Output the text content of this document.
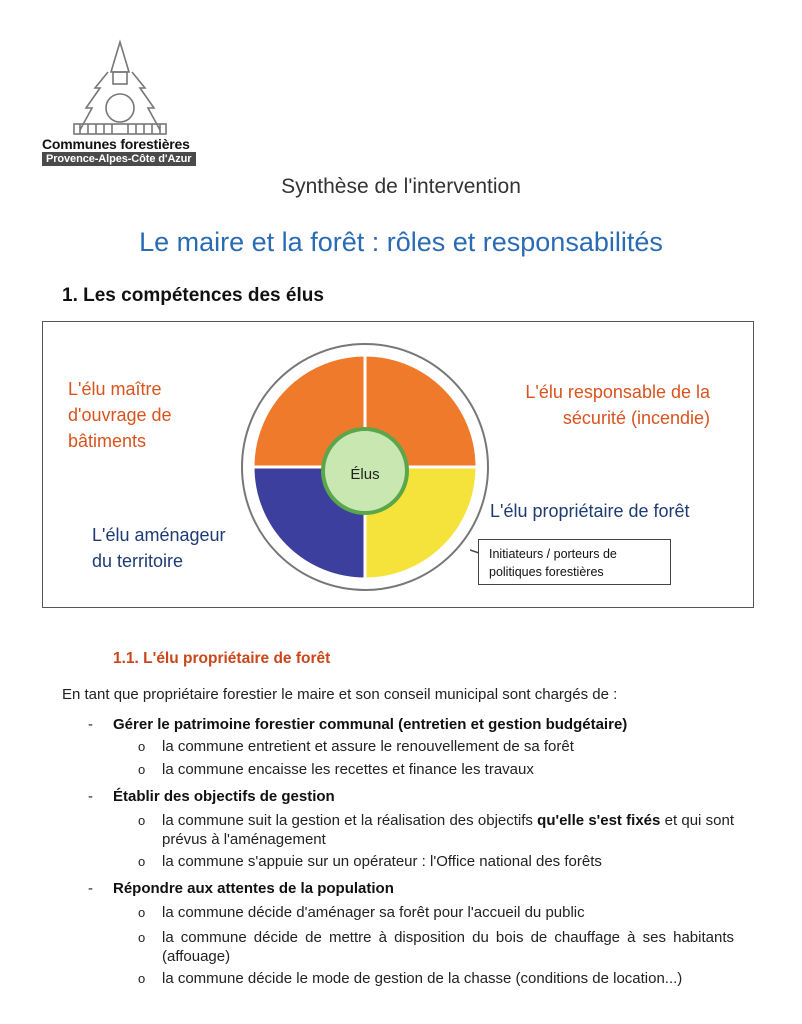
Communes forestières
Provence-Alpes-Côte d'Azur
Synthèse de l'intervention
Le maire et la forêt : rôles et responsabilités
1. Les compétences des élus
L'élu maître
d'ouvrage de
bâtiments
L'élu responsable de la
sécurité (incendie)
L'élu aménageur
du territoire
L'élu propriétaire de forêt
Élus
Initiateurs / porteurs de
politiques forestières
1.1. L'élu propriétaire de forêt
En tant que propriétaire forestier le maire et son conseil municipal sont chargés de :
- Gérer le patrimoine forestier communal (entretien et gestion budgétaire)
o la commune entretient et assure le renouvellement de sa forêt
o la commune encaisse les recettes et finance les travaux
- Établir des objectifs de gestion
o la commune suit la gestion et la réalisation des objectifs qu'elle s'est fixés et qui sont prévus à l'aménagement
o la commune s'appuie sur un opérateur : l'Office national des forêts
- Répondre aux attentes de la population
o la commune décide d'aménager sa forêt pour l'accueil du public
o la commune décide de mettre à disposition du bois de chauffage à ses habitants (affouage)
o la commune décide le mode de gestion de la chasse (conditions de location...)
